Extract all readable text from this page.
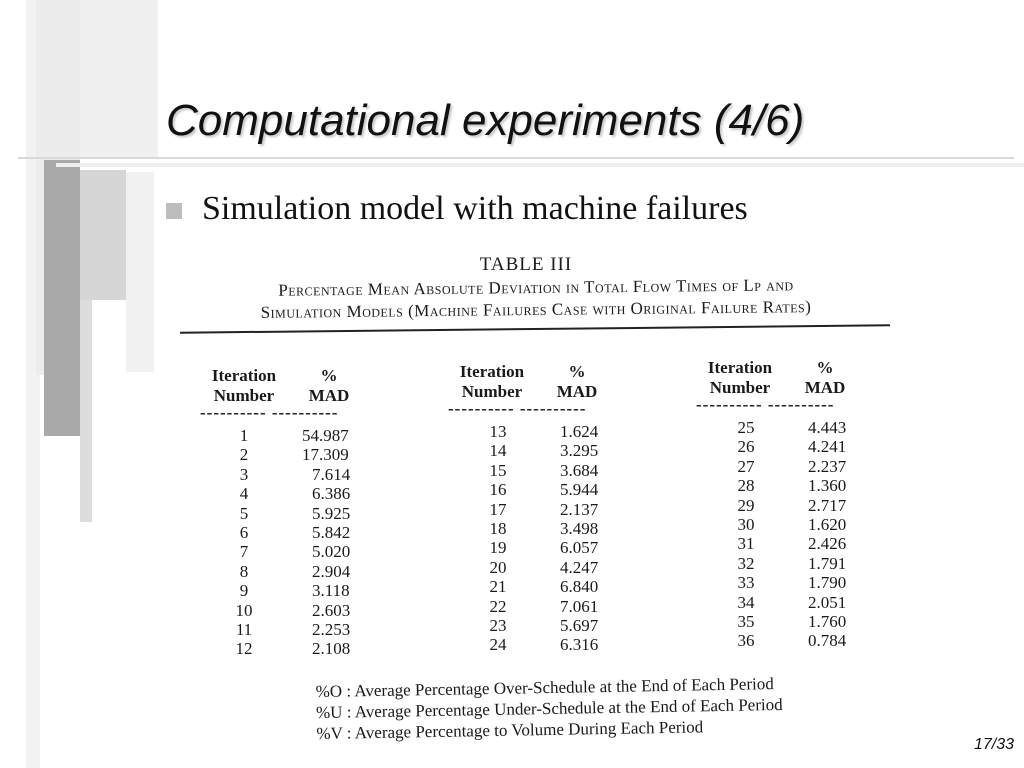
Computational experiments (4/6)
Simulation model with machine failures
TABLE III
Percentage Mean Absolute Deviation in Total Flow Times of Lp and
Simulation Models (Machine Failures Case with Original Failure Rates)
Iteration
Number
%
MAD
---------- ----------
1	54.987
2	17.309
3	7.614
4	6.386
5	5.925
6	5.842
7	5.020
8	2.904
9	3.118
10	2.603
11	2.253
12	2.108
Iteration
Number
%
MAD
---------- ----------
13	1.624
14	3.295
15	3.684
16	5.944
17	2.137
18	3.498
19	6.057
20	4.247
21	6.840
22	7.061
23	5.697
24	6.316
Iteration
Number
%
MAD
---------- ----------
25	4.443
26	4.241
27	2.237
28	1.360
29	2.717
30	1.620
31	2.426
32	1.791
33	1.790
34	2.051
35	1.760
36	0.784
%O : Average Percentage Over-Schedule at the End of Each Period
%U : Average Percentage Under-Schedule at the End of Each Period
%V : Average Percentage to Volume During Each Period
17/33
